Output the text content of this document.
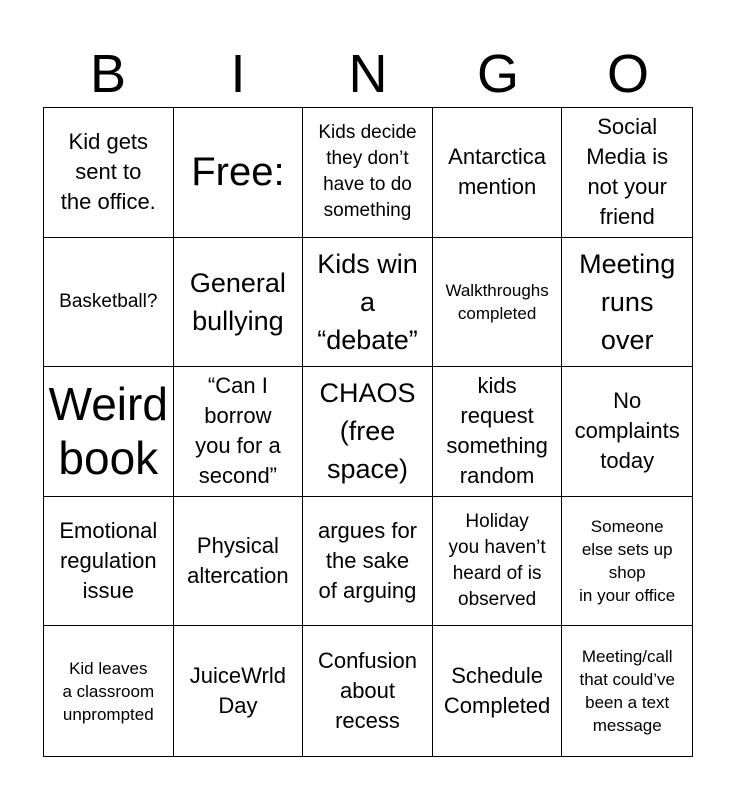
B	I	N	G	O
Kid gets
sent to
the office.
Free:
Kids decide
they don’t
have to do
something
Antarctica
mention
Social
Media is
not your
friend
Basketball?
General
bullying
Kids win
a
“debate”
Walkthroughs
completed
Meeting
runs
over
Weird
book
“Can I
borrow
you for a
second”
CHAOS
(free
space)
kids
request
something
random
No
complaints
today
Emotional
regulation
issue
Physical
altercation
argues for
the sake
of arguing
Holiday
you haven’t
heard of is
observed
Someone
else sets up
shop
in your office
Kid leaves
a classroom
unprompted
JuiceWrld
Day
Confusion
about
recess
Schedule
Completed
Meeting/call
that could’ve
been a text
message
